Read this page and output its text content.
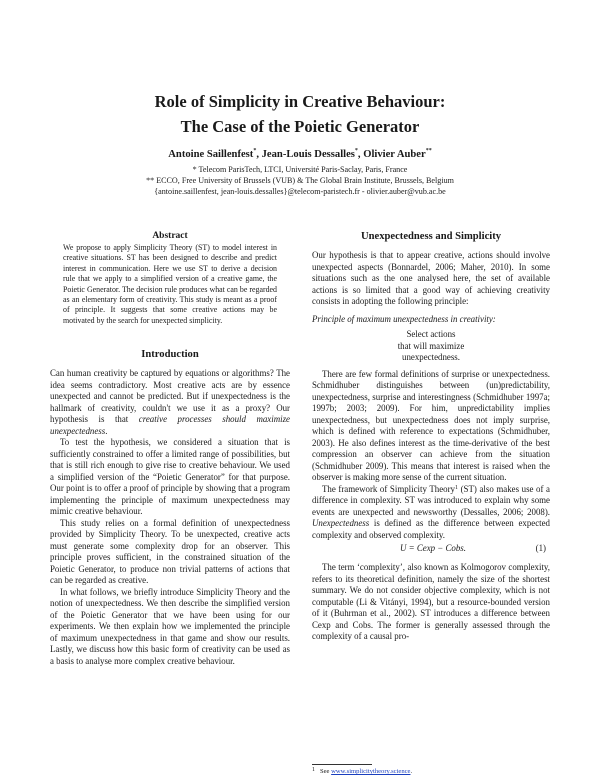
Role of Simplicity in Creative Behaviour:
The Case of the Poietic Generator
Antoine Saillenfest*, Jean-Louis Dessalles*, Olivier Auber**
* Telecom ParisTech, LTCI, Université Paris-Saclay, Paris, France
** ECCO, Free University of Brussels (VUB) & The Global Brain Institute, Brussels, Belgium
{antoine.saillenfest, jean-louis.dessalles}@telecom-paristech.fr - olivier.auber@vub.ac.be
Abstract
We propose to apply Simplicity Theory (ST) to model interest in creative situations. ST has been designed to describe and predict interest in communication. Here we use ST to derive a decision rule that we apply to a simplified version of a creative game, the Poietic Generator. The decision rule produces what can be regarded as an elementary form of creativity. This study is meant as a proof of principle. It suggests that some creative actions may be motivated by the search for unexpected simplicity.
Introduction

Can human creativity be captured by equations or algorithms? The idea seems contradictory. Most creative acts are by essence unexpected and cannot be predicted. But if unexpectedness is the hallmark of creativity, couldn't we use it as a proxy? Our hypothesis is that creative processes should maximize unexpectedness.

To test the hypothesis, we considered a situation that is sufficiently constrained to offer a limited range of possibilities, but that is still rich enough to give rise to creative behaviour. We used a simplified version of the “Poietic Generator” for that purpose. Our point is to offer a proof of principle by showing that a program implementing the principle of maximum unexpectedness may mimic creative behaviour.

This study relies on a formal definition of unexpectedness provided by Simplicity Theory. To be unexpected, creative acts must generate some complexity drop for an observer. This principle proves sufficient, in the constrained situation of the Poietic Generator, to produce non trivial patterns of actions that can be regarded as creative.

In what follows, we briefly introduce Simplicity Theory and the notion of unexpectedness. We then describe the simplified version of the Poietic Generator that we have been using for our experiments. We then explain how we implemented the principle of maximum unexpectedness in that game and show our results. Lastly, we discuss how this basic form of creativity can be used as a basis to analyse more complex creative behaviour.

Unexpectedness and Simplicity

Our hypothesis is that to appear creative, actions should involve unexpected aspects (Bonnardel, 2006; Maher, 2010). In some situations such as the one analysed here, the set of available actions is so limited that a good way of achieving creativity consists in adopting the following principle:

Principle of maximum unexpectedness in creativity:

Select actions
that will maximize
unexpectedness.

There are few formal definitions of surprise or unexpectedness. Schmidhuber distinguishes between (un)predictability, unexpectedness, surprise and interestingness (Schmidhuber 1997a; 1997b; 2003; 2009). For him, unpredictability implies unexpectedness, but unexpectedness does not imply surprise, which is defined with reference to expectations (Schmidhuber, 2003). He also defines interest as the time-derivative of the best compression an observer can achieve from the situation (Schmidhuber 2009). This means that interest is raised when the observer is making more sense of the current situation.

The framework of Simplicity Theory$^1$ (ST) also makes use of a difference in complexity. ST was introduced to explain why some events are unexpected and newsworthy (Dessalles, 2006; 2008). Unexpectedness is defined as the difference between expected complexity and observed complexity.

U = Cexp − Cobs.	(1)

The term ‘complexity’, also known as Kolmogorov complexity, refers to its theoretical definition, namely the size of the shortest summary. We do not consider objective complexity, which is not computable (Li & Vitányi, 1994), but a resource-bounded version of it (Buhrman et al., 2002). ST introduces a difference between Cexp and Cobs. The former is generally assessed through the complexity of a causal pro-

$^1$ See www.simplicitytheory.science.
